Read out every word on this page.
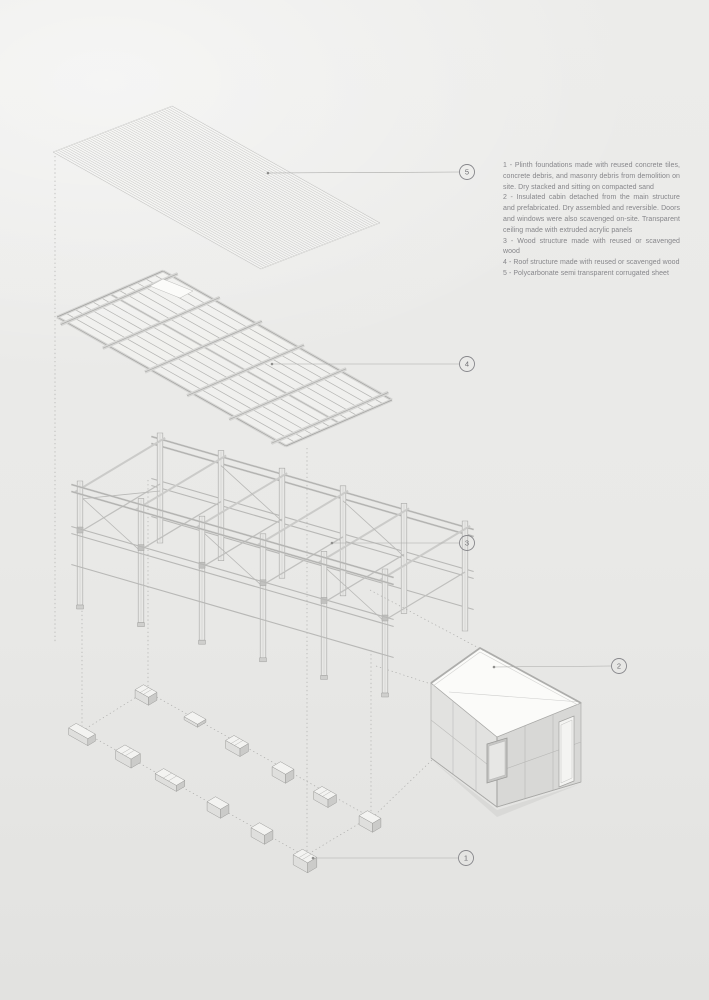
5
4
3
2
1

1 - Plinth foundations made with reused concrete tiles, concrete debris, and masonry debris from demolition on site. Dry stacked and sitting on compacted sand

2 - Insulated cabin detached from the main structure and prefabricated. Dry assembled and reversible. Doors and windows were also scavenged on-site. Transparent ceiling made with extruded acrylic panels

3 - Wood structure made with reused or scavenged wood

4 - Roof structure made with reused or scavenged wood

5 - Polycarbonate semi transparent corrugated sheet
